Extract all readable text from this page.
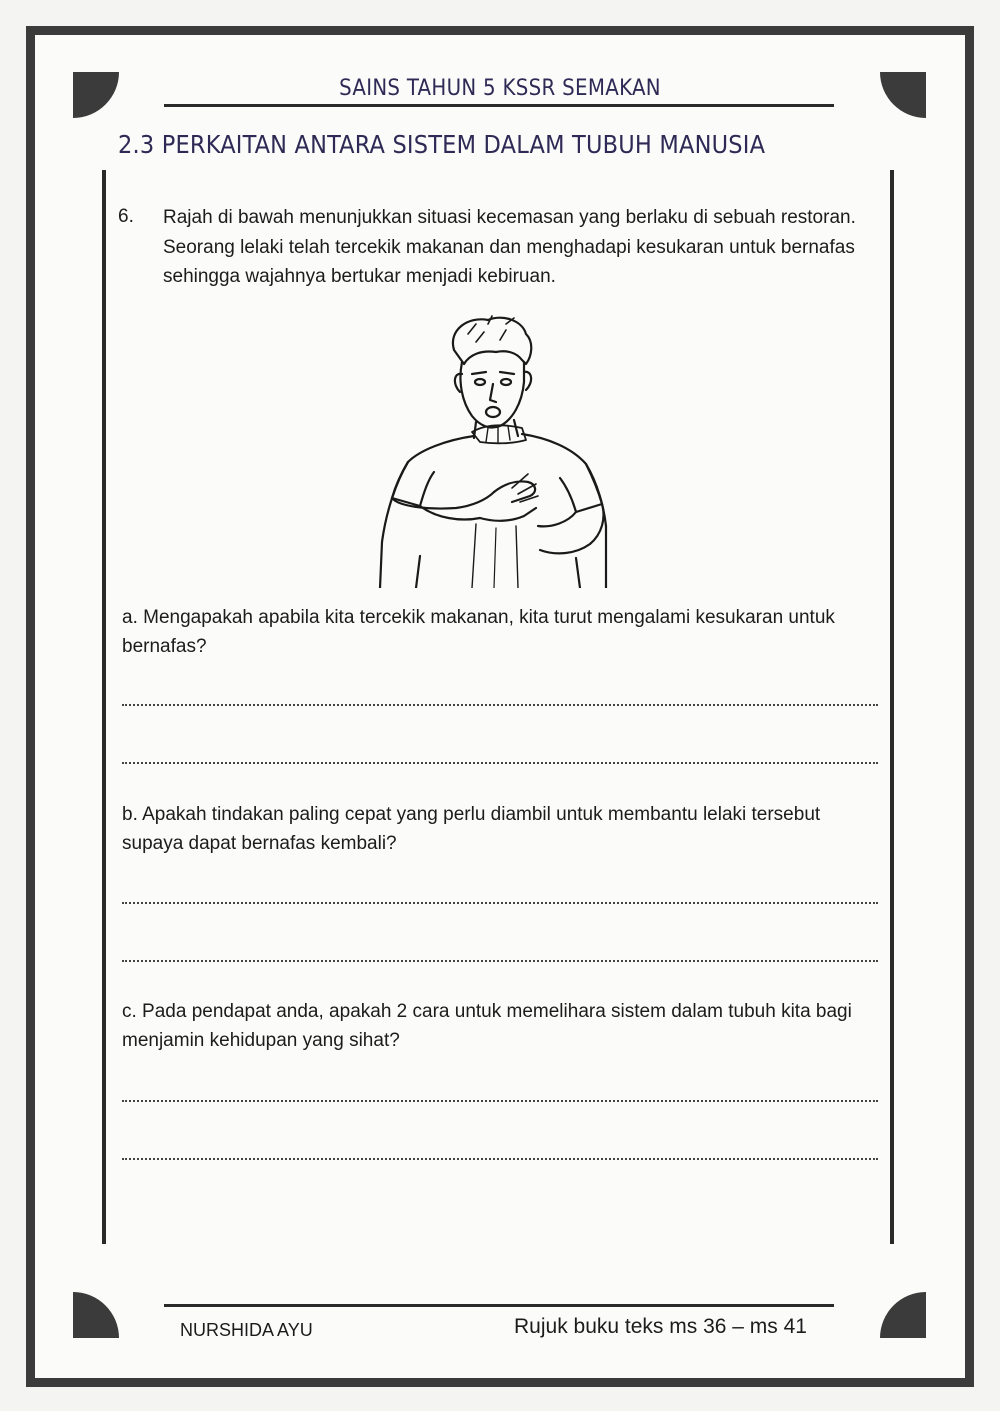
SAINS TAHUN 5 KSSR SEMAKAN
2.3 PERKAITAN ANTARA SISTEM DALAM TUBUH MANUSIA
6. Rajah di bawah menunjukkan situasi kecemasan yang berlaku di sebuah restoran. Seorang lelaki telah tercekik makanan dan menghadapi kesukaran untuk bernafas sehingga wajahnya bertukar menjadi kebiruan.
a. Mengapakah apabila kita tercekik makanan, kita turut mengalami kesukaran untuk bernafas?
b. Apakah tindakan paling cepat yang perlu diambil untuk membantu lelaki tersebut supaya dapat bernafas kembali?
c. Pada pendapat anda, apakah 2 cara untuk memelihara sistem dalam tubuh kita bagi menjamin kehidupan yang sihat?
NURSHIDA AYU	Rujuk buku teks ms 36 – ms 41
